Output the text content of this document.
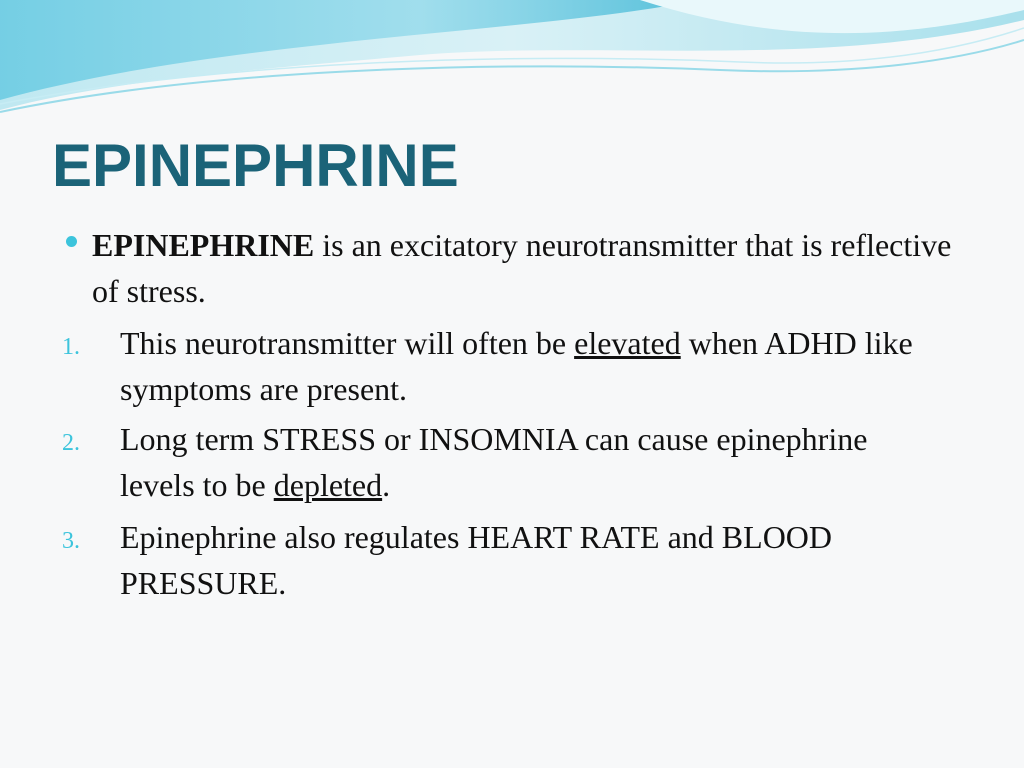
EPINEPHRINE
EPINEPHRINE is an excitatory neurotransmitter that is reflective of stress.
1. This neurotransmitter will often be elevated when ADHD like symptoms are present.
2. Long term STRESS or INSOMNIA can cause epinephrine levels to be depleted.
3. Epinephrine also regulates HEART RATE and BLOOD PRESSURE.
